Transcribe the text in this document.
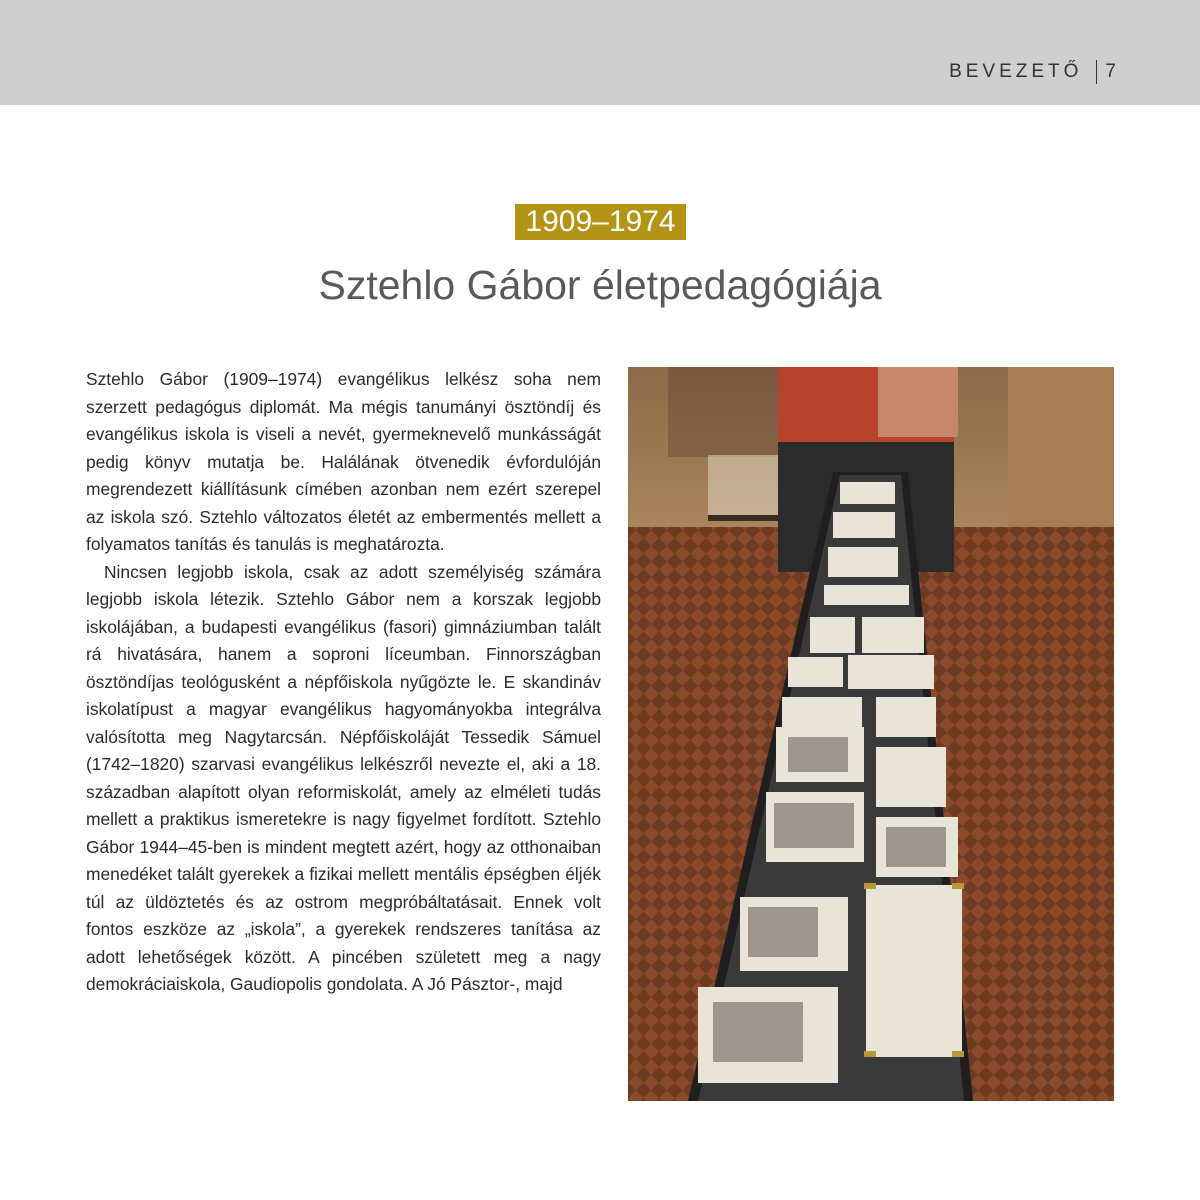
BEVEZETŐ 7
1909–1974
Sztehlo Gábor életpedagógiája

Sztehlo Gábor (1909–1974) evangélikus lelkész soha nem szerzett pedagógus diplomát. Ma mégis tanumányi ösztöndíj és evangélikus iskola is viseli a nevét, gyermeknevelő munkásságát pedig könyv mutatja be. Halálának ötvenedik évfordulóján megrendezett kiállításunk címében azonban nem ezért szerepel az iskola szó. Sztehlo változatos életét az embermentés mellett a folyamatos tanítás és tanulás is meghatározta.

Nincsen legjobb iskola, csak az adott személyiség számára legjobb iskola létezik. Sztehlo Gábor nem a korszak legjobb iskolájában, a budapesti evangélikus (fasori) gimnáziumban talált rá hivatására, hanem a soproni líceumban. Finnországban ösztöndíjas teológusként a népfőiskola nyűgözte le. E skandináv iskolatípust a magyar evangélikus hagyományokba integrálva valósította meg Nagytarcsán. Népfőiskoláját Tessedik Sámuel (1742–1820) szarvasi evangélikus lelkészről nevezte el, aki a 18. században alapított olyan reformiskolát, amely az elméleti tudás mellett a praktikus ismeretekre is nagy figyelmet fordított. Sztehlo Gábor 1944–45-ben is mindent megtett azért, hogy az otthonaiban menedéket talált gyerekek a fizikai mellett mentális épségben éljék túl az üldöztetés és az ostrom megpróbáltatásait. Ennek volt fontos eszköze az „iskola”, a gyerekek rendszeres tanítása az adott lehetőségek között. A pincében született meg a nagy demokráciaiskola, Gaudiopolis gondolata. A Jó Pásztor-, majd
